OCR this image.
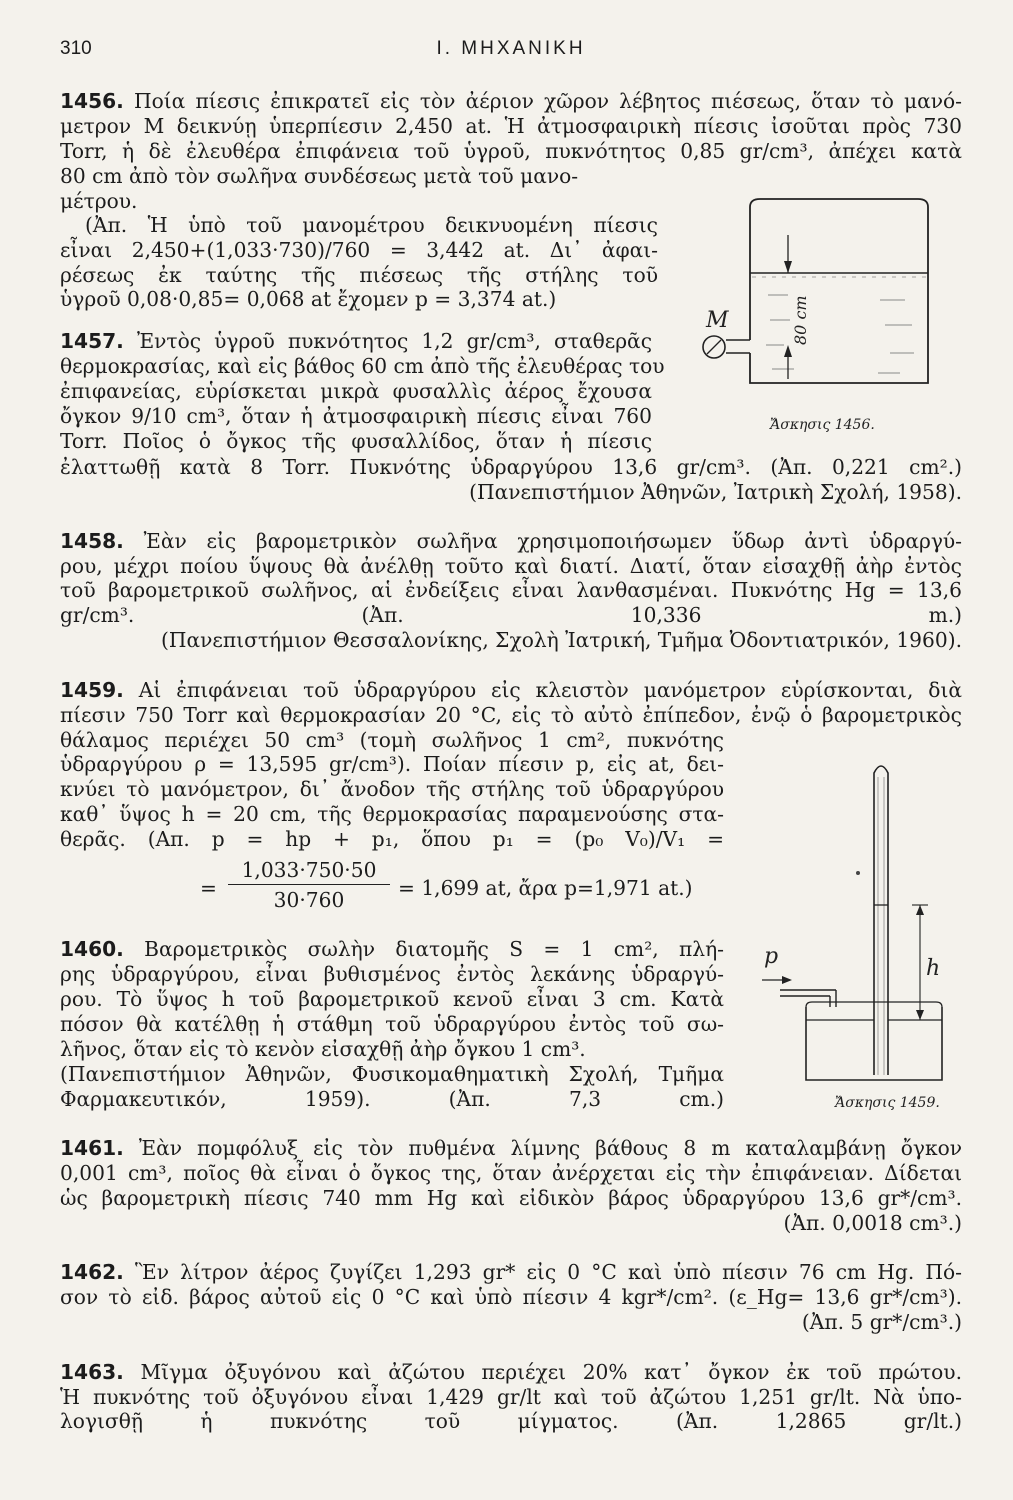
310	I. ΜΗΧΑΝΙΚΗ
1456. Ποία πίεσις ἐπικρατεῖ εἰς τὸν ἀέριον χῶρον λέβητος πιέσεως, ὅταν τὸ μανό-
μετρον Μ δεικνύῃ ὑπερπίεσιν 2,450 at. Ἡ ἀτμοσφαιρικὴ πίεσις ἰσοῦται πρὸς 730
Torr, ἡ δὲ ἐλευθέρα ἐπιφάνεια τοῦ ὑγροῦ, πυκνότητος 0,85 gr/cm³, ἀπέχει κατὰ
80 cm ἀπὸ τὸν σωλῆνα συνδέσεως μετὰ τοῦ μανο-
μέτρου.
(Ἀπ. Ἡ ὑπὸ τοῦ μανομέτρου δεικνυομένη πίεσις
εἶναι 2,450+(1,033·730)/760 = 3,442 at. Δι᾽ ἀφαι-
ρέσεως ἐκ ταύτης τῆς πιέσεως τῆς στήλης τοῦ
ὑγροῦ 0,08·0,85= 0,068 at ἔχομεν p = 3,374 at.)	80 cm
M
Ἄσκησις 1456.
1457. Ἐντὸς ὑγροῦ πυκνότητος 1,2 gr/cm³, σταθερᾶς
θερμοκρασίας, καὶ εἰς βάθος 60 cm ἀπὸ τῆς ἐλευθέρας του
ἐπιφανείας, εὑρίσκεται μικρὰ φυσαλλὶς ἀέρος ἔχουσα
ὄγκον 9/10 cm³, ὅταν ἡ ἀτμοσφαιρικὴ πίεσις εἶναι 760
Torr. Ποῖος ὁ ὄγκος τῆς φυσαλλίδος, ὅταν ἡ πίεσις
ἐλαττωθῇ κατὰ 8 Torr. Πυκνότης ὑδραργύρου 13,6 gr/cm³. (Ἀπ. 0,221 cm².)
(Πανεπιστήμιον Ἀθηνῶν, Ἰατρικὴ Σχολή, 1958).
1458. Ἐὰν εἰς βαρομετρικὸν σωλῆνα χρησιμοποιήσωμεν ὕδωρ ἀντὶ ὑδραργύ-
ρου, μέχρι ποίου ὕψους θὰ ἀνέλθῃ τοῦτο καὶ διατί. Διατί, ὅταν εἰσαχθῇ ἀὴρ ἐντὸς
τοῦ βαρομετρικοῦ σωλῆνος, αἱ ἐνδείξεις εἶναι λανθασμέναι. Πυκνότης Hg = 13,6
gr/cm³. (Ἀπ. 10,336 m.)
(Πανεπιστήμιον Θεσσαλονίκης, Σχολὴ Ἰατρική, Τμῆμα Ὀδοντιατρικόν, 1960).
1459. Αἱ ἐπιφάνειαι τοῦ ὑδραργύρου εἰς κλειστὸν μανόμετρον εὑρίσκονται, διὰ
πίεσιν 750 Torr καὶ θερμοκρασίαν 20 °C, εἰς τὸ αὐτὸ ἐπίπεδον, ἐνῷ ὁ βαρομετρικὸς
θάλαμος περιέχει 50 cm³ (τομὴ σωλῆνος 1 cm², πυκνότης
ὑδραργύρου ρ = 13,595 gr/cm³). Ποίαν πίεσιν p, εἰς at, δει-
κνύει τὸ μανόμετρον, δι᾽ ἄνοδον τῆς στήλης τοῦ ὑδραργύρου
καθ᾽ ὕψος h = 20 cm, τῆς θερμοκρασίας παραμενούσης στα-
θερᾶς. (Απ. p = hp + p₁, ὅπου p₁ = (p₀ V₀)/V₁ =
=
1,033·750·50
30·760	= 1,699 at, ἄρα p=1,971 at.)
1460. Βαρομετρικὸς σωλὴν διατομῆς S = 1 cm², πλή-
ρης ὑδραργύρου, εἶναι βυθισμένος ἐντὸς λεκάνης ὑδραργύ-
ρου. Τὸ ὕψος h τοῦ βαρομετρικοῦ κενοῦ εἶναι 3 cm. Κατὰ
πόσον θὰ κατέλθῃ ἡ στάθμη τοῦ ὑδραργύρου ἐντὸς τοῦ σω-
λῆνος, ὅταν εἰς τὸ κενὸν εἰσαχθῇ ἀὴρ ὄγκου 1 cm³.
(Πανεπιστήμιον Ἀθηνῶν, Φυσικομαθηματικὴ Σχολή, Τμῆμα
Φαρμακευτικόν, 1959). (Ἀπ. 7,3 cm.)
p	h
Ἄσκησις 1459.
1461. Ἐὰν πομφόλυξ εἰς τὸν πυθμένα λίμνης βάθους 8 m καταλαμβάνῃ ὄγκον
0,001 cm³, ποῖος θὰ εἶναι ὁ ὄγκος της, ὅταν ἀνέρχεται εἰς τὴν ἐπιφάνειαν. Δίδεται
ὡς βαρομετρικὴ πίεσις 740 mm Hg καὶ εἰδικὸν βάρος ὑδραργύρου 13,6 gr*/cm³.
(Ἀπ. 0,0018 cm³.)
1462. Ἓν λίτρον ἀέρος ζυγίζει 1,293 gr* εἰς 0 °C καὶ ὑπὸ πίεσιν 76 cm Hg. Πό-
σον τὸ εἰδ. βάρος αὐτοῦ εἰς 0 °C καὶ ὑπὸ πίεσιν 4 kgr*/cm². (ε_Hg= 13,6 gr*/cm³).
(Ἀπ. 5 gr*/cm³.)
1463. Μῖγμα ὀξυγόνου καὶ ἀζώτου περιέχει 20% κατ᾽ ὄγκον ἐκ τοῦ πρώτου.
Ἡ πυκνότης τοῦ ὀξυγόνου εἶναι 1,429 gr/lt καὶ τοῦ ἀζώτου 1,251 gr/lt. Νὰ ὑπο-
λογισθῇ ἡ πυκνότης τοῦ μίγματος. (Ἀπ. 1,2865 gr/lt.)
